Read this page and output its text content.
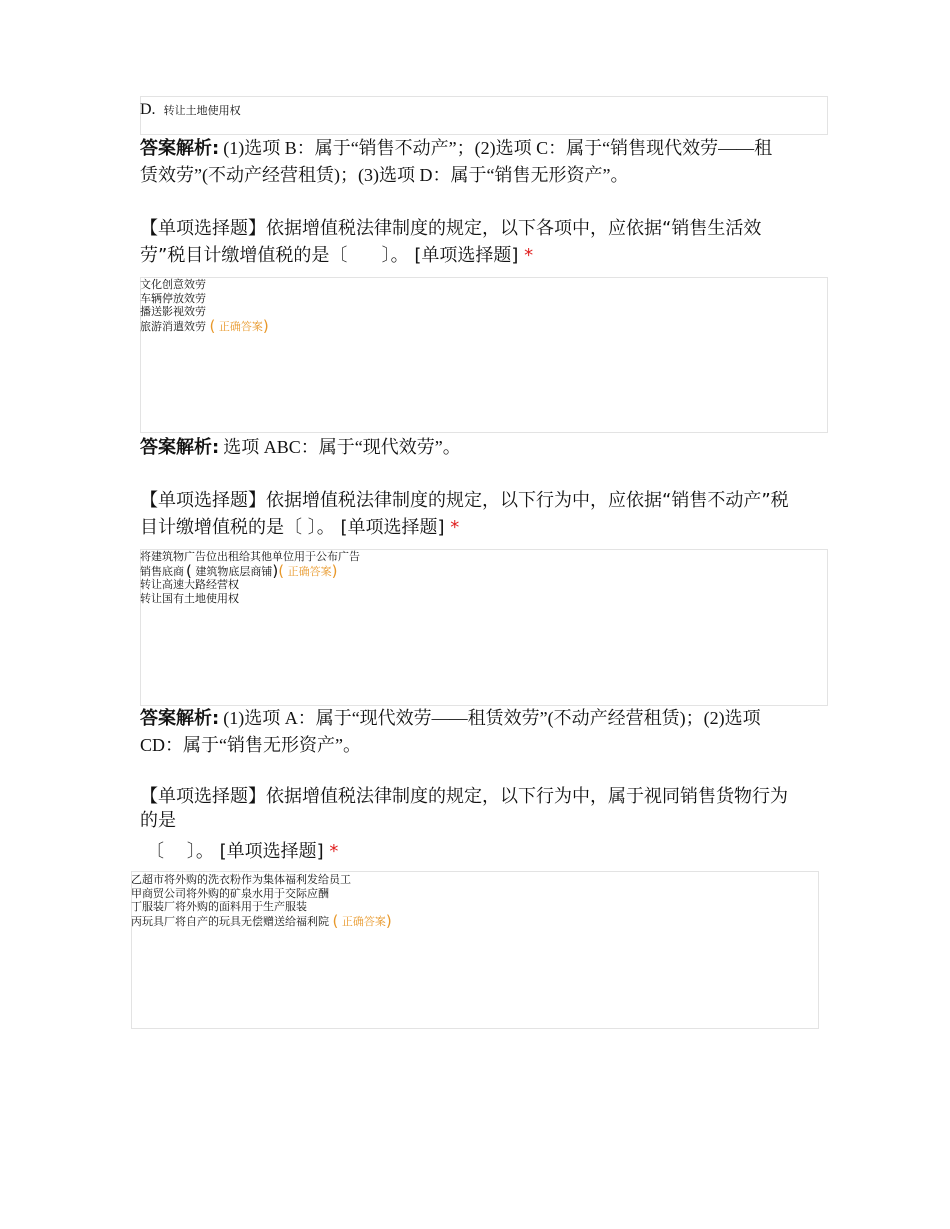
D. 转让土地使用权
答案解析: (1)选项 B：属于“销售不动产”；(2)选项 C：属于“销售现代效劳——租
赁效劳”(不动产经营租赁)；(3)选项 D：属于“销售无形资产”。
【单项选择题】依据增值税法律制度的规定，以下各项中，应依据“销售生活效
劳”税目计缴增值税的是〔      〕。 [单项选择题] *
文化创意效劳
车辆停放效劳
播送影视效劳
旅游消遣效劳 ( 正确答案)
答案解析: 选项 ABC：属于“现代效劳”。
【单项选择题】依据增值税法律制度的规定，以下行为中，应依据“销售不动产”税
目计缴增值税的是〔 〕。 [单项选择题] *
将建筑物广告位出租给其他单位用于公布广告
销售底商 ( 建筑物底层商铺)( 正确答案)
转让高速大路经营权
转让国有土地使用权
答案解析: (1)选项 A：属于“现代效劳——租赁效劳”(不动产经营租赁)；(2)选项
CD：属于“销售无形资产”。
【单项选择题】依据增值税法律制度的规定，以下行为中，属于视同销售货物行为
的是
〔    〕。 [单项选择题] *
乙超市将外购的洗衣粉作为集体福利发给员工
甲商贸公司将外购的矿泉水用于交际应酬
丁服装厂将外购的面料用于生产服装
丙玩具厂将自产的玩具无偿赠送给福利院 ( 正确答案)
